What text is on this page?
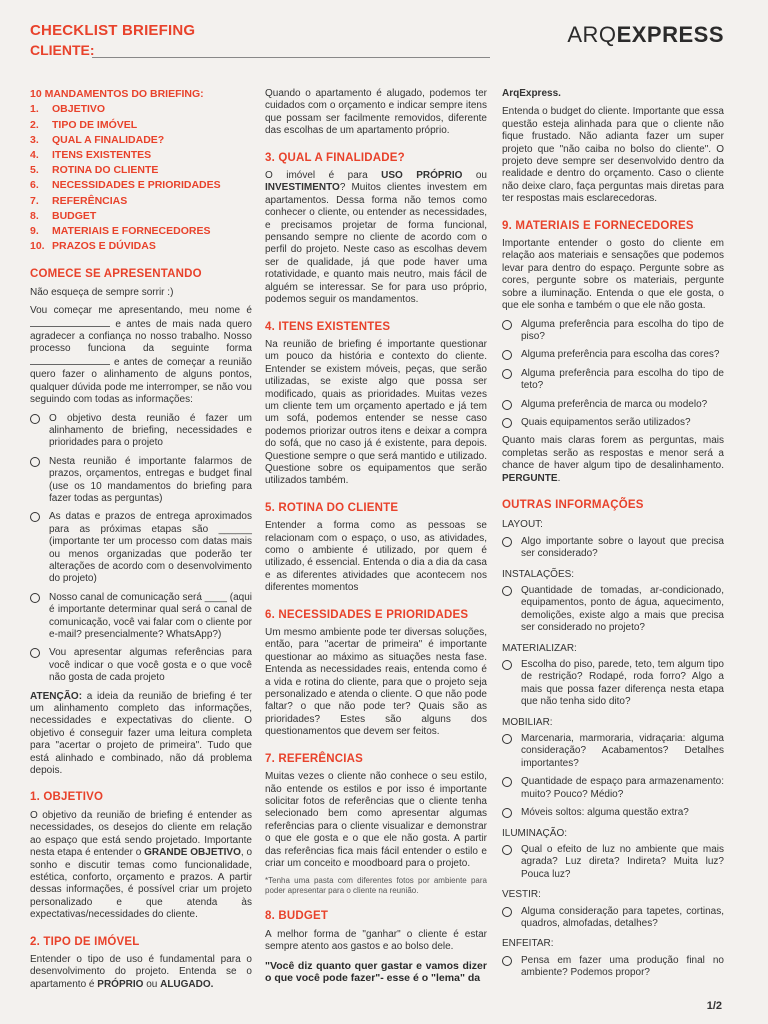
CHECKLIST BRIEFING
CLIENTE:
ARQEXPRESS
10 MANDAMENTOS DO BRIEFING:
1.	OBJETIVO
2.	TIPO DE IMÓVEL
3.	QUAL A FINALIDADE?
4.	ITENS EXISTENTES
5.	ROTINA DO CLIENTE
6.	NECESSIDADES E PRIORIDADES
7.	REFERÊNCIAS
8.	BUDGET
9.	MATERIAIS E FORNECEDORES
10. PRAZOS E DÚVIDAS
COMECE SE APRESENTANDO

Não esqueça de sempre sorrir :)

Vou começar me apresentando, meu nome é  e antes de mais nada quero agradecer a confiança no nosso trabalho. Nosso processo funciona da seguinte forma  e antes de começar a reunião quero fazer o alinhamento de alguns pontos, qualquer dúvida pode me interromper, se não vou seguindo com todas as informações:

O objetivo desta reunião é fazer um alinhamento de briefing, necessidades e prioridades para o projeto
Nesta reunião é importante falarmos de prazos, orçamentos, entregas e budget final (use os 10 mandamentos do briefing para fazer todas as perguntas)
As datas e prazos de entrega aproximados para as próximas etapas são ______ (importante ter um processo com datas mais ou menos organizadas que poderão ter alterações de acordo com o desenvolvimento do projeto)
Nosso canal de comunicação será ____ (aqui é importante determinar qual será o canal de comunicação, você vai falar com o cliente por e-mail? presencialmente? WhatsApp?)
Vou apresentar algumas referências para você indicar o que você gosta e o que você não gosta de cada projeto

ATENÇÃO: a ideia da reunião de briefing é ter um alinhamento completo das informações, necessidades e expectativas do cliente. O objetivo é conseguir fazer uma leitura completa para "acertar o projeto de primeira". Tudo que está alinhado e combinado, não dá problema depois.

1. OBJETIVO

O objetivo da reunião de briefing é entender as necessidades, os desejos do cliente em relação ao espaço que está sendo projetado. Importante nesta etapa é entender o GRANDE OBJETIVO, o sonho e discutir temas como funcionalidade, estética, conforto, orçamento e prazos. A partir dessas informações, é possível criar um projeto personalizado e que atenda às expectativas/necessidades do cliente.

2. TIPO DE IMÓVEL

Entender o tipo de uso é fundamental para o desenvolvimento do projeto. Entenda se o apartamento é PRÓPRIO ou ALUGADO.

Quando o apartamento é alugado, podemos ter cuidados com o orçamento e indicar sempre itens que possam ser facilmente removidos, diferente das escolhas de um apartamento próprio.

3. QUAL A FINALIDADE?

O imóvel é para USO PRÓPRIO ou INVESTIMENTO? Muitos clientes investem em apartamentos. Dessa forma não temos como conhecer o cliente, ou entender as necessidades, e precisamos projetar de forma funcional, pensando sempre no cliente de acordo com o perfil do projeto. Neste caso as escolhas devem ser de qualidade, já que pode haver uma rotatividade, e quanto mais neutro, mais fácil de alguém se interessar. Se for para uso próprio, podemos seguir os mandamentos.

4. ITENS EXISTENTES

Na reunião de briefing é importante questionar um pouco da história e contexto do cliente. Entender se existem móveis, peças, que serão utilizadas, se existe algo que possa ser modificado, quais as prioridades. Muitas vezes um cliente tem um orçamento apertado e já tem um sofá, podemos entender se nesse caso podemos priorizar outros itens e deixar a compra do sofá, que no caso já é existente, para depois. Questione sempre o que será mantido e utilizado. Questione sobre os equipamentos que serão utilizados também.

5. ROTINA DO CLIENTE

Entender a forma como as pessoas se relacionam com o espaço, o uso, as atividades, como o ambiente é utilizado, por quem é utilizado, é essencial. Entenda o dia a dia da casa e as diferentes atividades que acontecem nos diferentes momentos

6. NECESSIDADES E PRIORIDADES

Um mesmo ambiente pode ter diversas soluções, então, para "acertar de primeira" é importante questionar ao máximo as situações nesta fase. Entenda as necessidades reais, entenda como é a vida e rotina do cliente, para que o projeto seja personalizado e atenda o cliente. O que não pode faltar? o que não pode ter? Quais são as prioridades? Estes são alguns dos questionamentos que devem ser feitos.

7. REFERÊNCIAS

Muitas vezes o cliente não conhece o seu estilo, não entende os estilos e por isso é importante solicitar fotos de referências que o cliente tenha selecionado bem como apresentar algumas referências para o cliente visualizar e demonstrar o que ele gosta e o que ele não gosta. A partir das referências fica mais fácil entender o estilo e criar um conceito e moodboard para o projeto.

*Tenha uma pasta com diferentes fotos por ambiente para poder apresentar para o cliente na reunião.

8. BUDGET

A melhor forma de "ganhar" o cliente é estar sempre atento aos gastos e ao bolso dele.

"Você diz quanto quer gastar e vamos dizer o que você pode fazer"- esse é o "lema" da

ArqExpress.

Entenda o budget do cliente. Importante que essa questão esteja alinhada para que o cliente não fique frustado. Não adianta fazer um super projeto que "não caiba no bolso do cliente". O projeto deve sempre ser desenvolvido dentro da realidade e dentro do orçamento. Caso o cliente não deixe claro, faça perguntas mais diretas para ter respostas mais esclarecedoras.

9. MATERIAIS E FORNECEDORES

Importante entender o gosto do cliente em relação aos materiais e sensações que podemos levar para dentro do espaço. Pergunte sobre as cores, pergunte sobre os materiais, pergunte sobre a iluminação. Entenda o que ele gosta, o que ele sonha e também o que ele não gosta.

Alguma preferência para escolha do tipo de piso?
Alguma preferência para escolha das cores?
Alguma preferência para escolha do tipo de teto?
Alguma preferência de marca ou modelo?
Quais equipamentos serão utilizados?

Quanto mais claras forem as perguntas, mais completas serão as respostas e menor será a chance de haver algum tipo de desalinhamento. PERGUNTE.

OUTRAS INFORMAÇÕES
LAYOUT:
Algo importante sobre o layout que precisa ser considerado?
INSTALAÇÕES:
Quantidade de tomadas, ar-condicionado, equipamentos, ponto de água, aquecimento, demolições, existe algo a mais que precisa ser considerado no projeto?
MATERIALIZAR:
Escolha do piso, parede, teto, tem algum tipo de restrição? Rodapé, roda forro? Algo a mais que possa fazer diferença nesta etapa que não tenha sido dito?
MOBILIAR:
Marcenaria, marmoraria, vidraçaria: alguma consideração? Acabamentos? Detalhes importantes?
Quantidade de espaço para armazenamento: muito? Pouco? Médio?
Móveis soltos: alguma questão extra?
ILUMINAÇÃO:
Qual o efeito de luz no ambiente que mais agrada? Luz direta? Indireta? Muita luz? Pouca luz?
VESTIR:
Alguma consideração para tapetes, cortinas, quadros, almofadas, detalhes?
ENFEITAR:
Pensa em fazer uma produção final no ambiente? Podemos propor?
1/2
